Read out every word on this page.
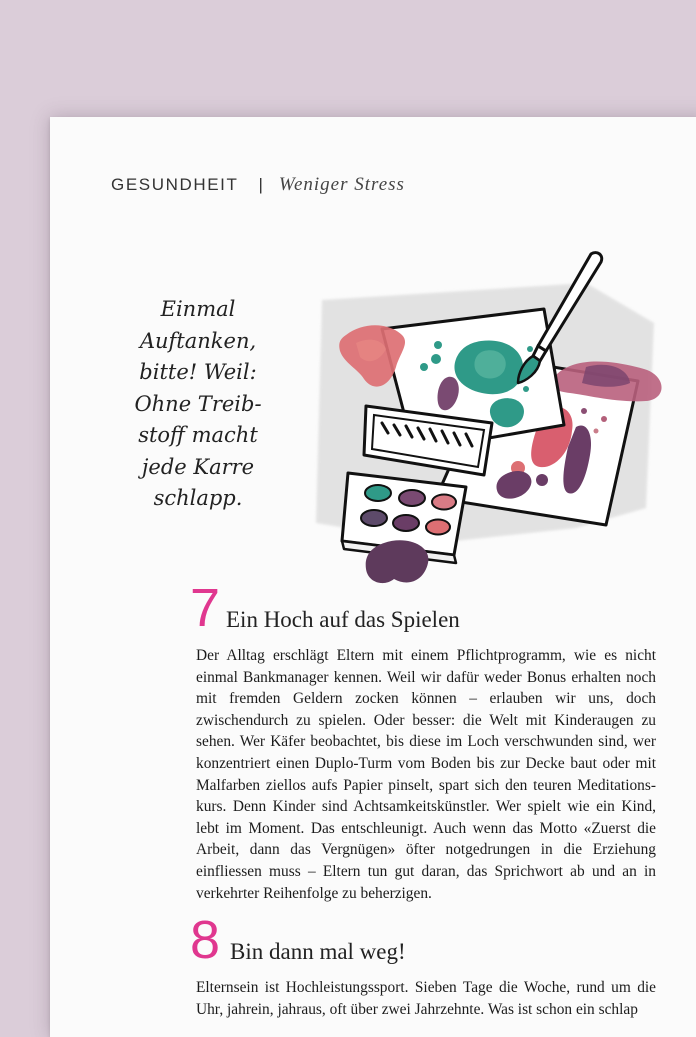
GESUNDHEIT | Weniger Stress
Einmal
Auftanken,
bitte! Weil:
Ohne Treib-
stoff macht
jede Karre
schlapp.
7 Ein Hoch auf das Spielen

Der Alltag erschlägt Eltern mit einem Pflichtprogramm, wie es nicht einmal Bankmanager kennen. Weil wir dafür weder Bonus erhalten noch mit fremden Geldern zocken können – erlauben wir uns, doch zwischendurch zu spielen. Oder besser: die Welt mit Kinderaugen zu sehen. Wer Käfer beobachtet, bis diese im Loch verschwunden sind, wer konzentriert einen Duplo-Turm vom Boden bis zur Decke baut oder mit Malfarben ziellos aufs Papier pinselt, spart sich den teuren Meditationskurs. Denn Kinder sind Achtsamkeitskünstler. Wer spielt wie ein Kind, lebt im Moment. Das entschleunigt. Auch wenn das Motto «Zuerst die Arbeit, dann das Vergnügen» öfter notgedrungen in die Erziehung einfliessen muss – Eltern tun gut daran, das Sprichwort ab und an in verkehrter Reihenfolge zu beherzigen.

8 Bin dann mal weg!

Elternsein ist Hochleistungssport. Sieben Tage die Woche, rund um die Uhr, jahrein, jahraus, oft über zwei Jahrzehnte. Was ist schon ein schlap
